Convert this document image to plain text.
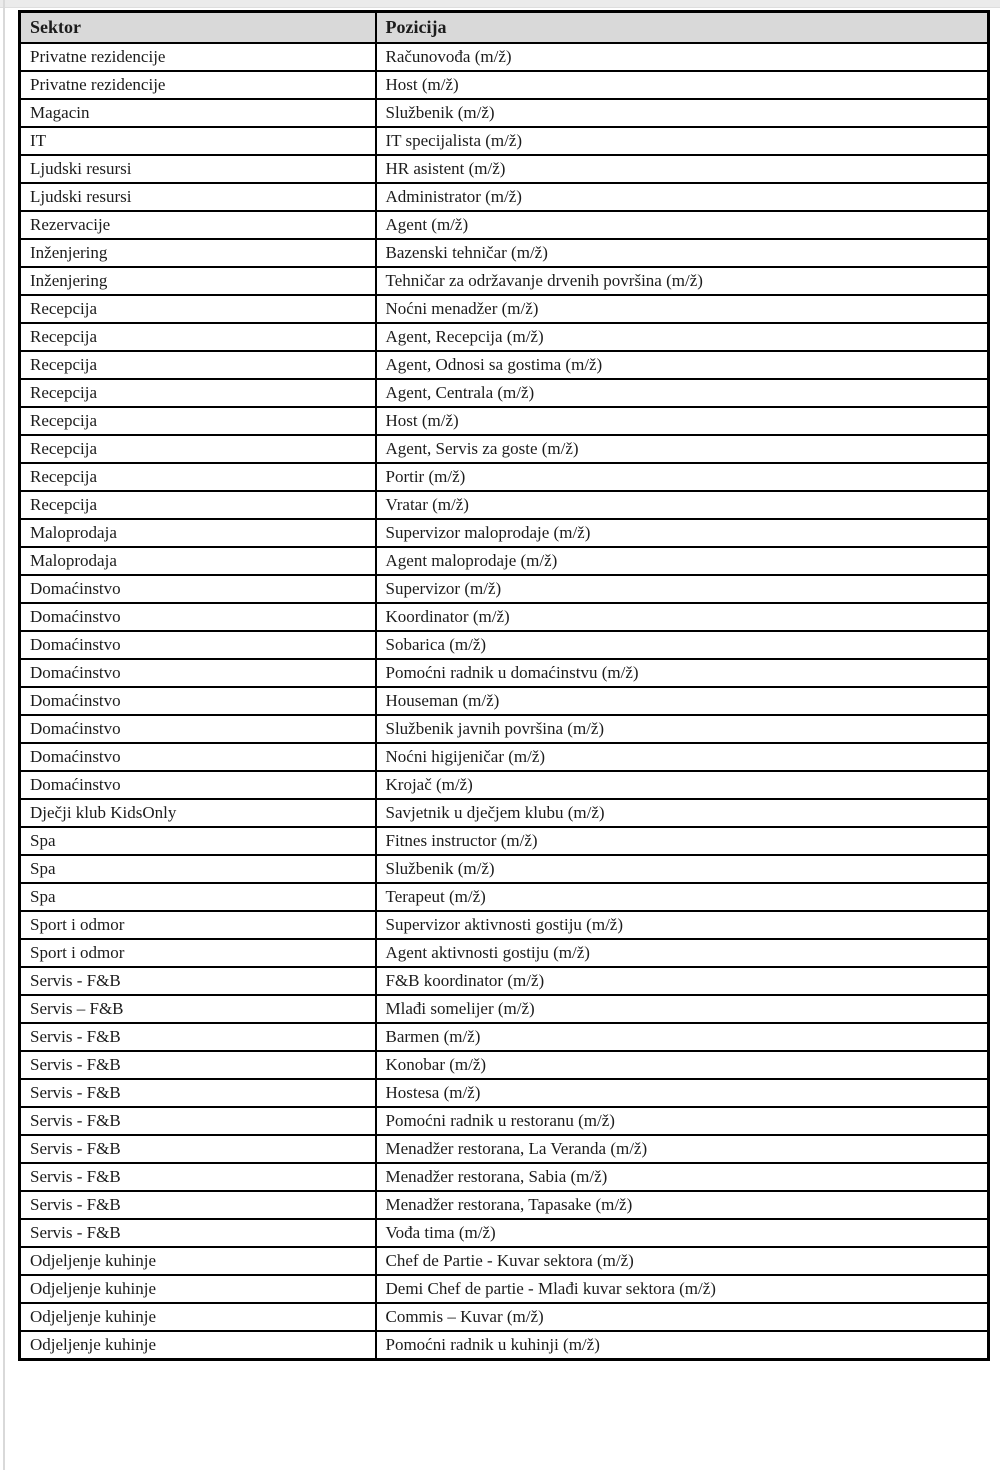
Sektor	Pozicija
Privatne rezidencije	Računovođa (m/ž)
Privatne rezidencije	Host (m/ž)
Magacin	Službenik (m/ž)
IT	IT specijalista (m/ž)
Ljudski resursi	HR asistent (m/ž)
Ljudski resursi	Administrator (m/ž)
Rezervacije	Agent (m/ž)
Inženjering	Bazenski tehničar (m/ž)
Inženjering	Tehničar za održavanje drvenih površina (m/ž)
Recepcija	Noćni menadžer (m/ž)
Recepcija	Agent, Recepcija (m/ž)
Recepcija	Agent, Odnosi sa gostima (m/ž)
Recepcija	Agent, Centrala (m/ž)
Recepcija	Host (m/ž)
Recepcija	Agent, Servis za goste (m/ž)
Recepcija	Portir (m/ž)
Recepcija	Vratar (m/ž)
Maloprodaja	Supervizor maloprodaje (m/ž)
Maloprodaja	Agent maloprodaje (m/ž)
Domaćinstvo	Supervizor (m/ž)
Domaćinstvo	Koordinator (m/ž)
Domaćinstvo	Sobarica (m/ž)
Domaćinstvo	Pomoćni radnik u domaćinstvu (m/ž)
Domaćinstvo	Houseman (m/ž)
Domaćinstvo	Službenik javnih površina (m/ž)
Domaćinstvo	Noćni higijeničar (m/ž)
Domaćinstvo	Krojač (m/ž)
Dječji klub KidsOnly	Savjetnik u dječjem klubu (m/ž)
Spa	Fitnes instructor (m/ž)
Spa	Službenik (m/ž)
Spa	Terapeut (m/ž)
Sport i odmor	Supervizor aktivnosti gostiju (m/ž)
Sport i odmor	Agent aktivnosti gostiju (m/ž)
Servis - F&B	F&B koordinator (m/ž)
Servis – F&B	Mlađi somelijer (m/ž)
Servis - F&B	Barmen (m/ž)
Servis - F&B	Konobar (m/ž)
Servis - F&B	Hostesa (m/ž)
Servis - F&B	Pomoćni radnik u restoranu (m/ž)
Servis - F&B	Menadžer restorana, La Veranda (m/ž)
Servis - F&B	Menadžer restorana, Sabia (m/ž)
Servis - F&B	Menadžer restorana, Tapasake (m/ž)
Servis - F&B	Vođa tima (m/ž)
Odjeljenje kuhinje	Chef de Partie - Kuvar sektora (m/ž)
Odjeljenje kuhinje	Demi Chef de partie - Mlađi kuvar sektora (m/ž)
Odjeljenje kuhinje	Commis – Kuvar (m/ž)
Odjeljenje kuhinje	Pomoćni radnik u kuhinji (m/ž)
